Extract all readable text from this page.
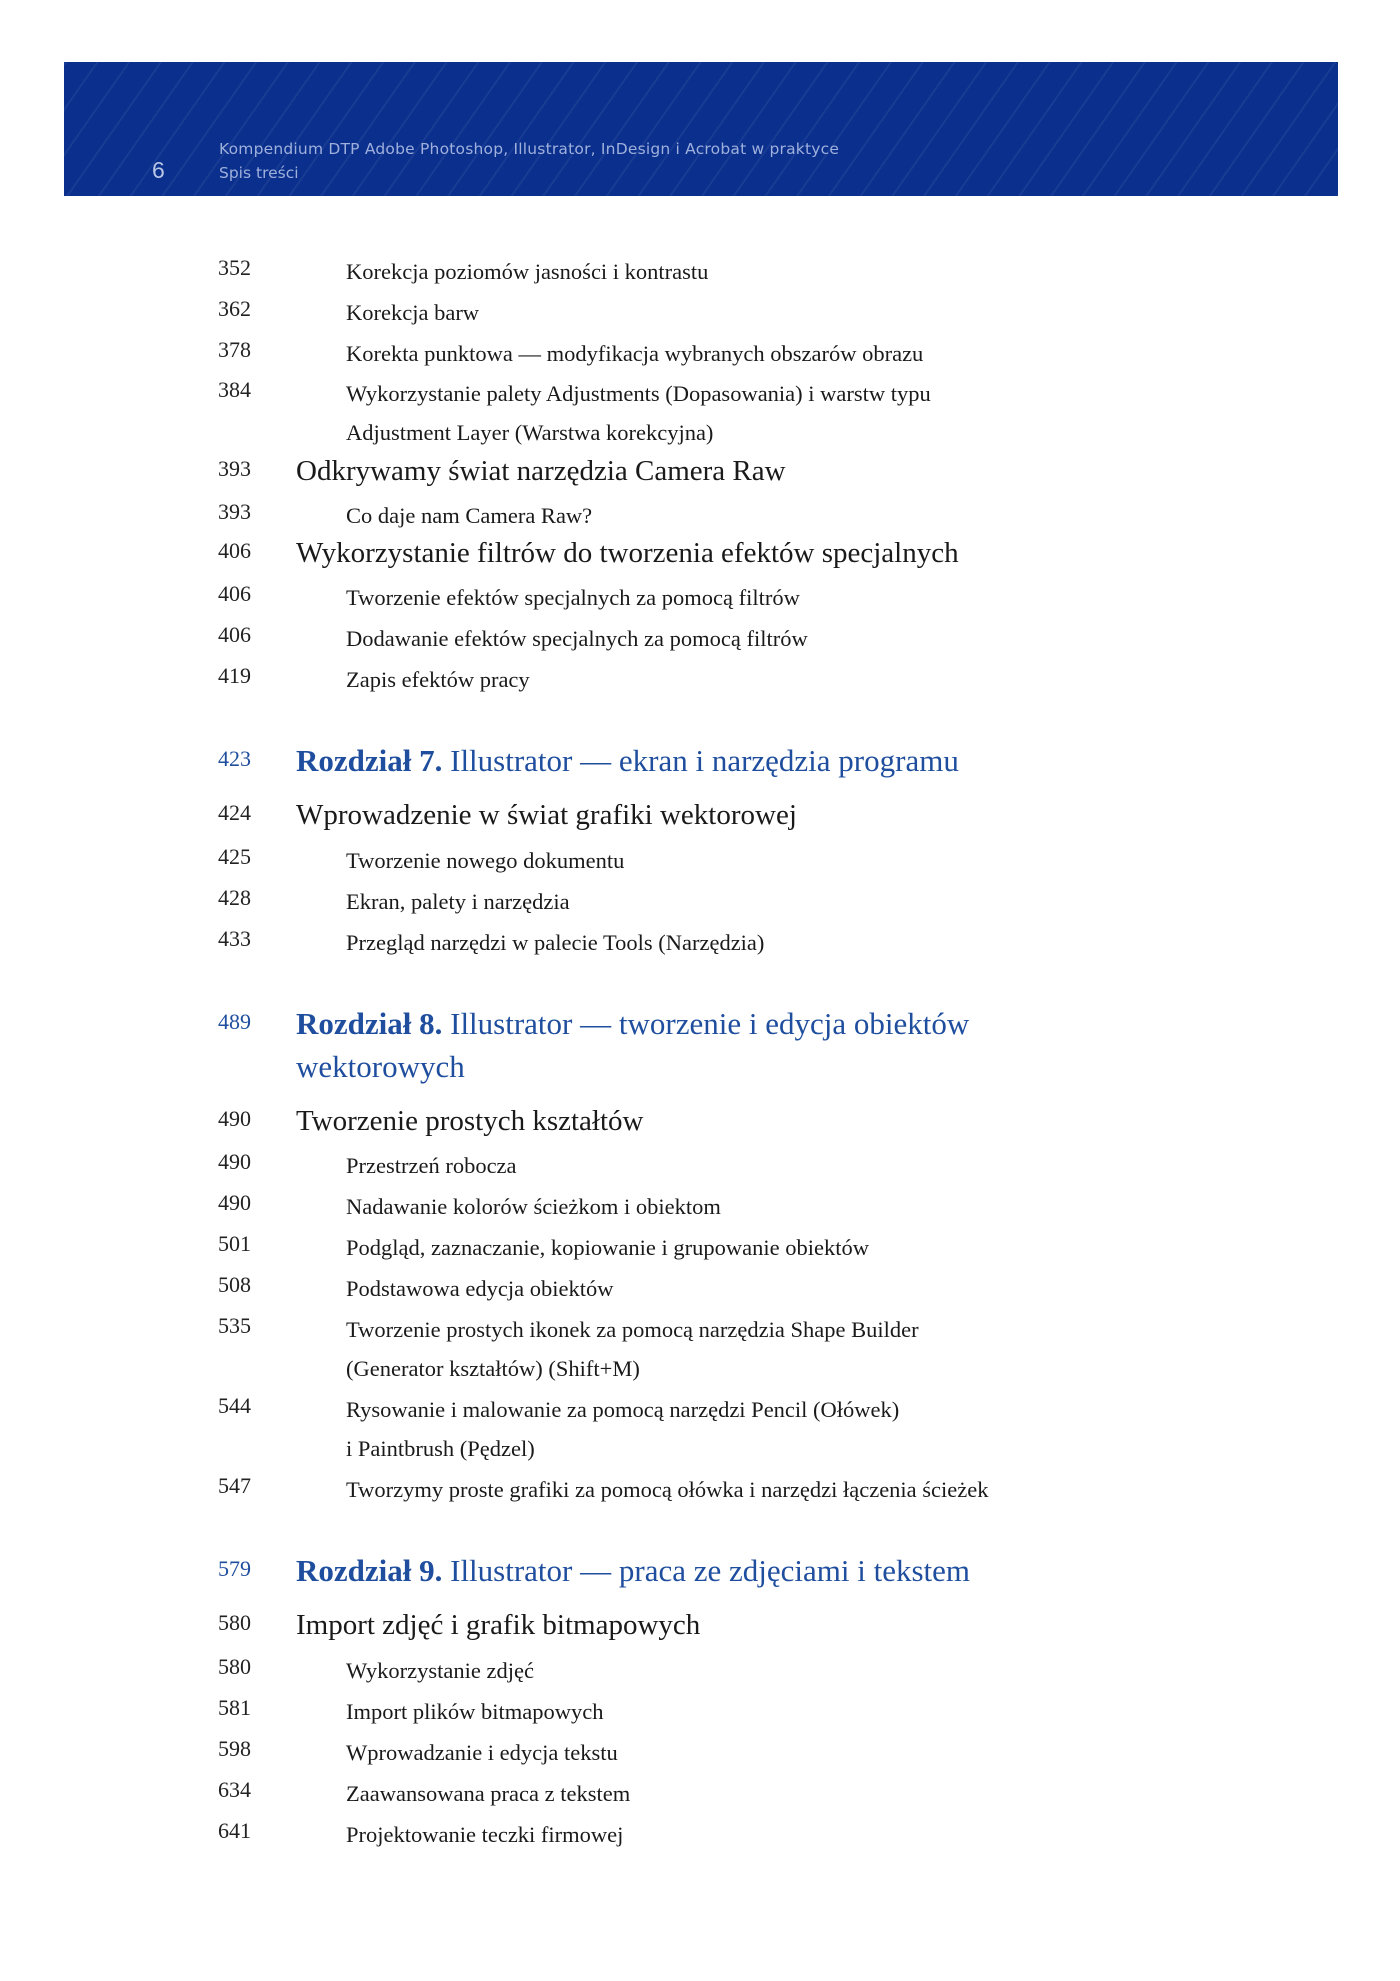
6
Kompendium DTP Adobe Photoshop, Illustrator, InDesign i Acrobat w praktyce
Spis treści
352	Korekcja poziomów jasności i kontrastu
362	Korekcja barw
378	Korekta punktowa — modyfikacja wybranych obszarów obrazu
384	Wykorzystanie palety Adjustments (Dopasowania) i warstw typu
Adjustment Layer (Warstwa korekcyjna)
393 Odkrywamy świat narzędzia Camera Raw
393	Co daje nam Camera Raw?
406 Wykorzystanie filtrów do tworzenia efektów specjalnych
406	Tworzenie efektów specjalnych za pomocą filtrów
406	Dodawanie efektów specjalnych za pomocą filtrów
419	Zapis efektów pracy
423 Rozdział 7. Illustrator — ekran i narzędzia programu
424 Wprowadzenie w świat grafiki wektorowej
425	Tworzenie nowego dokumentu
428	Ekran, palety i narzędzia
433	Przegląd narzędzi w palecie Tools (Narzędzia)
489 Rozdział 8. Illustrator — tworzenie i edycja obiektów
wektorowych
490 Tworzenie prostych kształtów
490	Przestrzeń robocza
490	Nadawanie kolorów ścieżkom i obiektom
501	Podgląd, zaznaczanie, kopiowanie i grupowanie obiektów
508	Podstawowa edycja obiektów
535	Tworzenie prostych ikonek za pomocą narzędzia Shape Builder
(Generator kształtów) (Shift+M)
544	Rysowanie i malowanie za pomocą narzędzi Pencil (Ołówek)
i Paintbrush (Pędzel)
547	Tworzymy proste grafiki za pomocą ołówka i narzędzi łączenia ścieżek
579 Rozdział 9. Illustrator — praca ze zdjęciami i tekstem
580 Import zdjęć i grafik bitmapowych
580	Wykorzystanie zdjęć
581	Import plików bitmapowych
598	Wprowadzanie i edycja tekstu
634	Zaawansowana praca z tekstem
641	Projektowanie teczki firmowej
